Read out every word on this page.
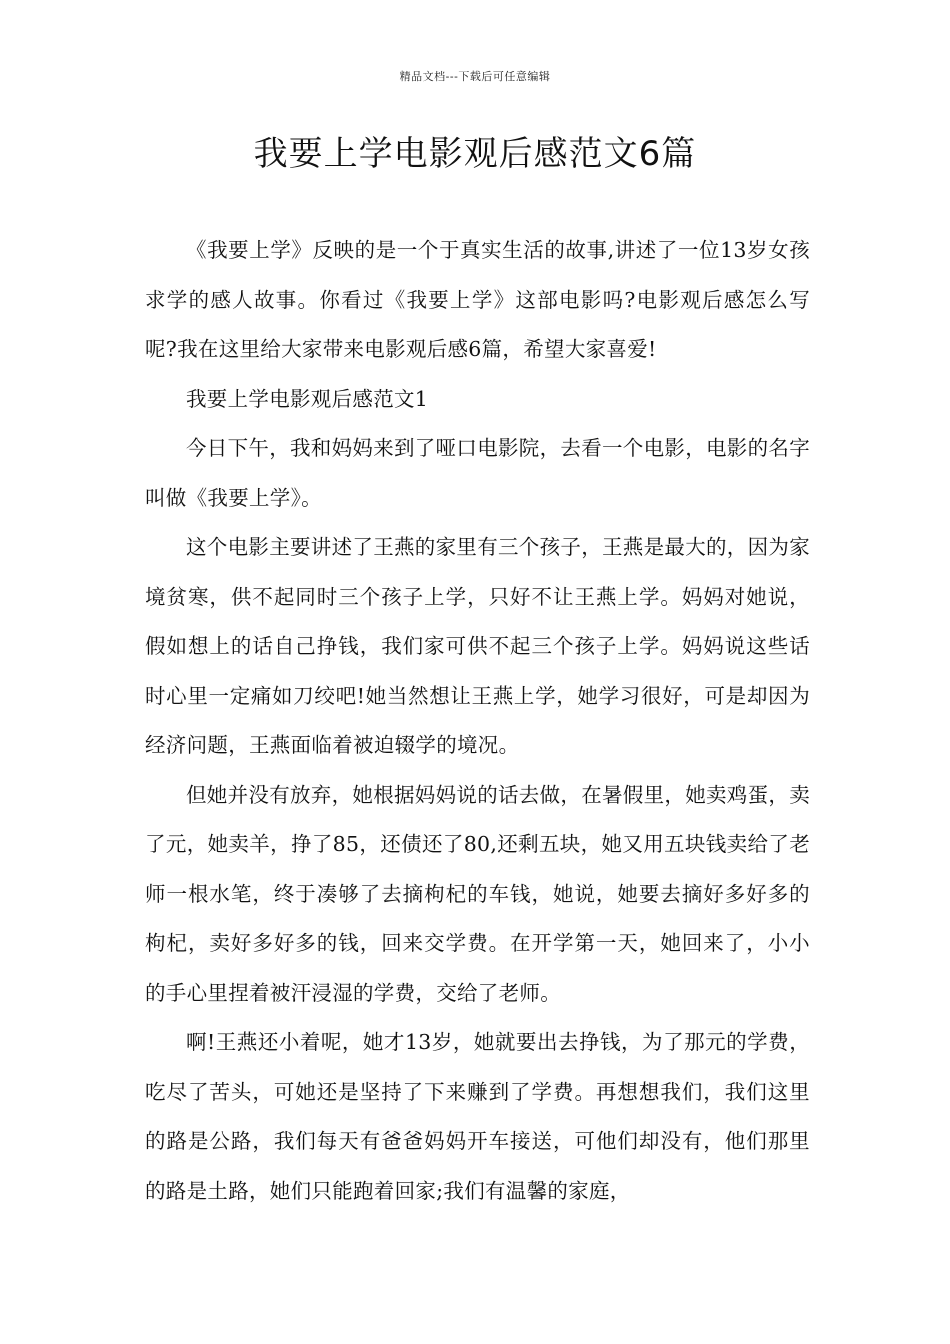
精品文档---下载后可任意编辑
我要上学电影观后感范文6篇

《我要上学》反映的是一个于真实生活的故事,讲述了一位13岁女孩求学的感人故事。你看过《我要上学》这部电影吗?电影观后感怎么写呢?我在这里给大家带来电影观后感6篇，希望大家喜爱!

我要上学电影观后感范文1

今日下午，我和妈妈来到了哑口电影院，去看一个电影，电影的名字叫做《我要上学》。

这个电影主要讲述了王燕的家里有三个孩子，王燕是最大的，因为家境贫寒，供不起同时三个孩子上学，只好不让王燕上学。妈妈对她说，假如想上的话自己挣钱，我们家可供不起三个孩子上学。妈妈说这些话时心里一定痛如刀绞吧!她当然想让王燕上学，她学习很好，可是却因为经济问题，王燕面临着被迫辍学的境况。

但她并没有放弃，她根据妈妈说的话去做，在暑假里，她卖鸡蛋，卖了元，她卖羊，挣了85，还债还了80,还剩五块，她又用五块钱卖给了老师一根水笔，终于凑够了去摘枸杞的车钱，她说，她要去摘好多好多的枸杞，卖好多好多的钱，回来交学费。在开学第一天，她回来了，小小的手心里捏着被汗浸湿的学费，交给了老师。

啊!王燕还小着呢，她才13岁，她就要出去挣钱，为了那元的学费，吃尽了苦头，可她还是坚持了下来赚到了学费。再想想我们，我们这里的路是公路，我们每天有爸爸妈妈开车接送，可他们却没有，他们那里的路是土路，她们只能跑着回家;我们有温馨的家庭，
